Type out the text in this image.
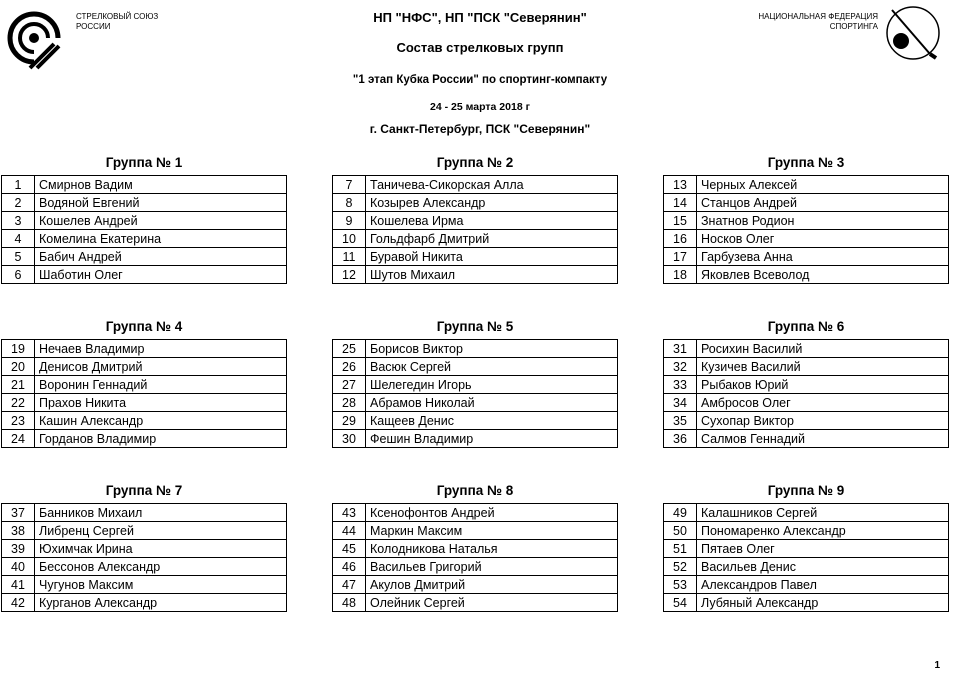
СТРЕЛКОВЫЙ СОЮЗ
РОССИИ
НАЦИОНАЛЬНАЯ ФЕДЕРАЦИЯ
СПОРТИНГА
НП "НФС", НП "ПСК "Северянин"
Состав стрелковых групп
"1 этап Кубка России" по спортинг-компакту
24 - 25 марта 2018 г
г. Санкт-Петербург, ПСК "Северянин"
Группа № 1
1	Смирнов Вадим
2	Водяной Евгений
3	Кошелев Андрей
4	Комелина Екатерина
5	Бабич Андрей
6	Шаботин Олег
Группа № 2
7	Таничева-Сикорская Алла
8	Козырев Александр
9	Кошелева Ирма
10	Гольдфарб Дмитрий
11	Буравой Никита
12	Шутов Михаил
Группа № 3
13	Черных Алексей
14	Станцов Андрей
15	Знатнов Родион
16	Носков Олег
17	Гарбузева Анна
18	Яковлев Всеволод
Группа № 4
19	Нечаев Владимир
20	Денисов Дмитрий
21	Воронин Геннадий
22	Прахов Никита
23	Кашин Александр
24	Горданов Владимир
Группа № 5
25	Борисов Виктор
26	Васюк Сергей
27	Шелегедин Игорь
28	Абрамов Николай
29	Кащеев Денис
30	Фешин Владимир
Группа № 6
31	Росихин Василий
32	Кузичев Василий
33	Рыбаков Юрий
34	Амбросов Олег
35	Сухопар Виктор
36	Салмов Геннадий
Группа № 7
37	Банников Михаил
38	Либренц Сергей
39	Юхимчак Ирина
40	Бессонов Александр
41	Чугунов Максим
42	Курганов Александр
Группа № 8
43	Ксенофонтов Андрей
44	Маркин Максим
45	Колодникова Наталья
46	Васильев Григорий
47	Акулов Дмитрий
48	Олейник Сергей
Группа № 9
49	Калашников Сергей
50	Пономаренко Александр
51	Пятаев Олег
52	Васильев Денис
53	Александров Павел
54	Лубяный Александр
1
